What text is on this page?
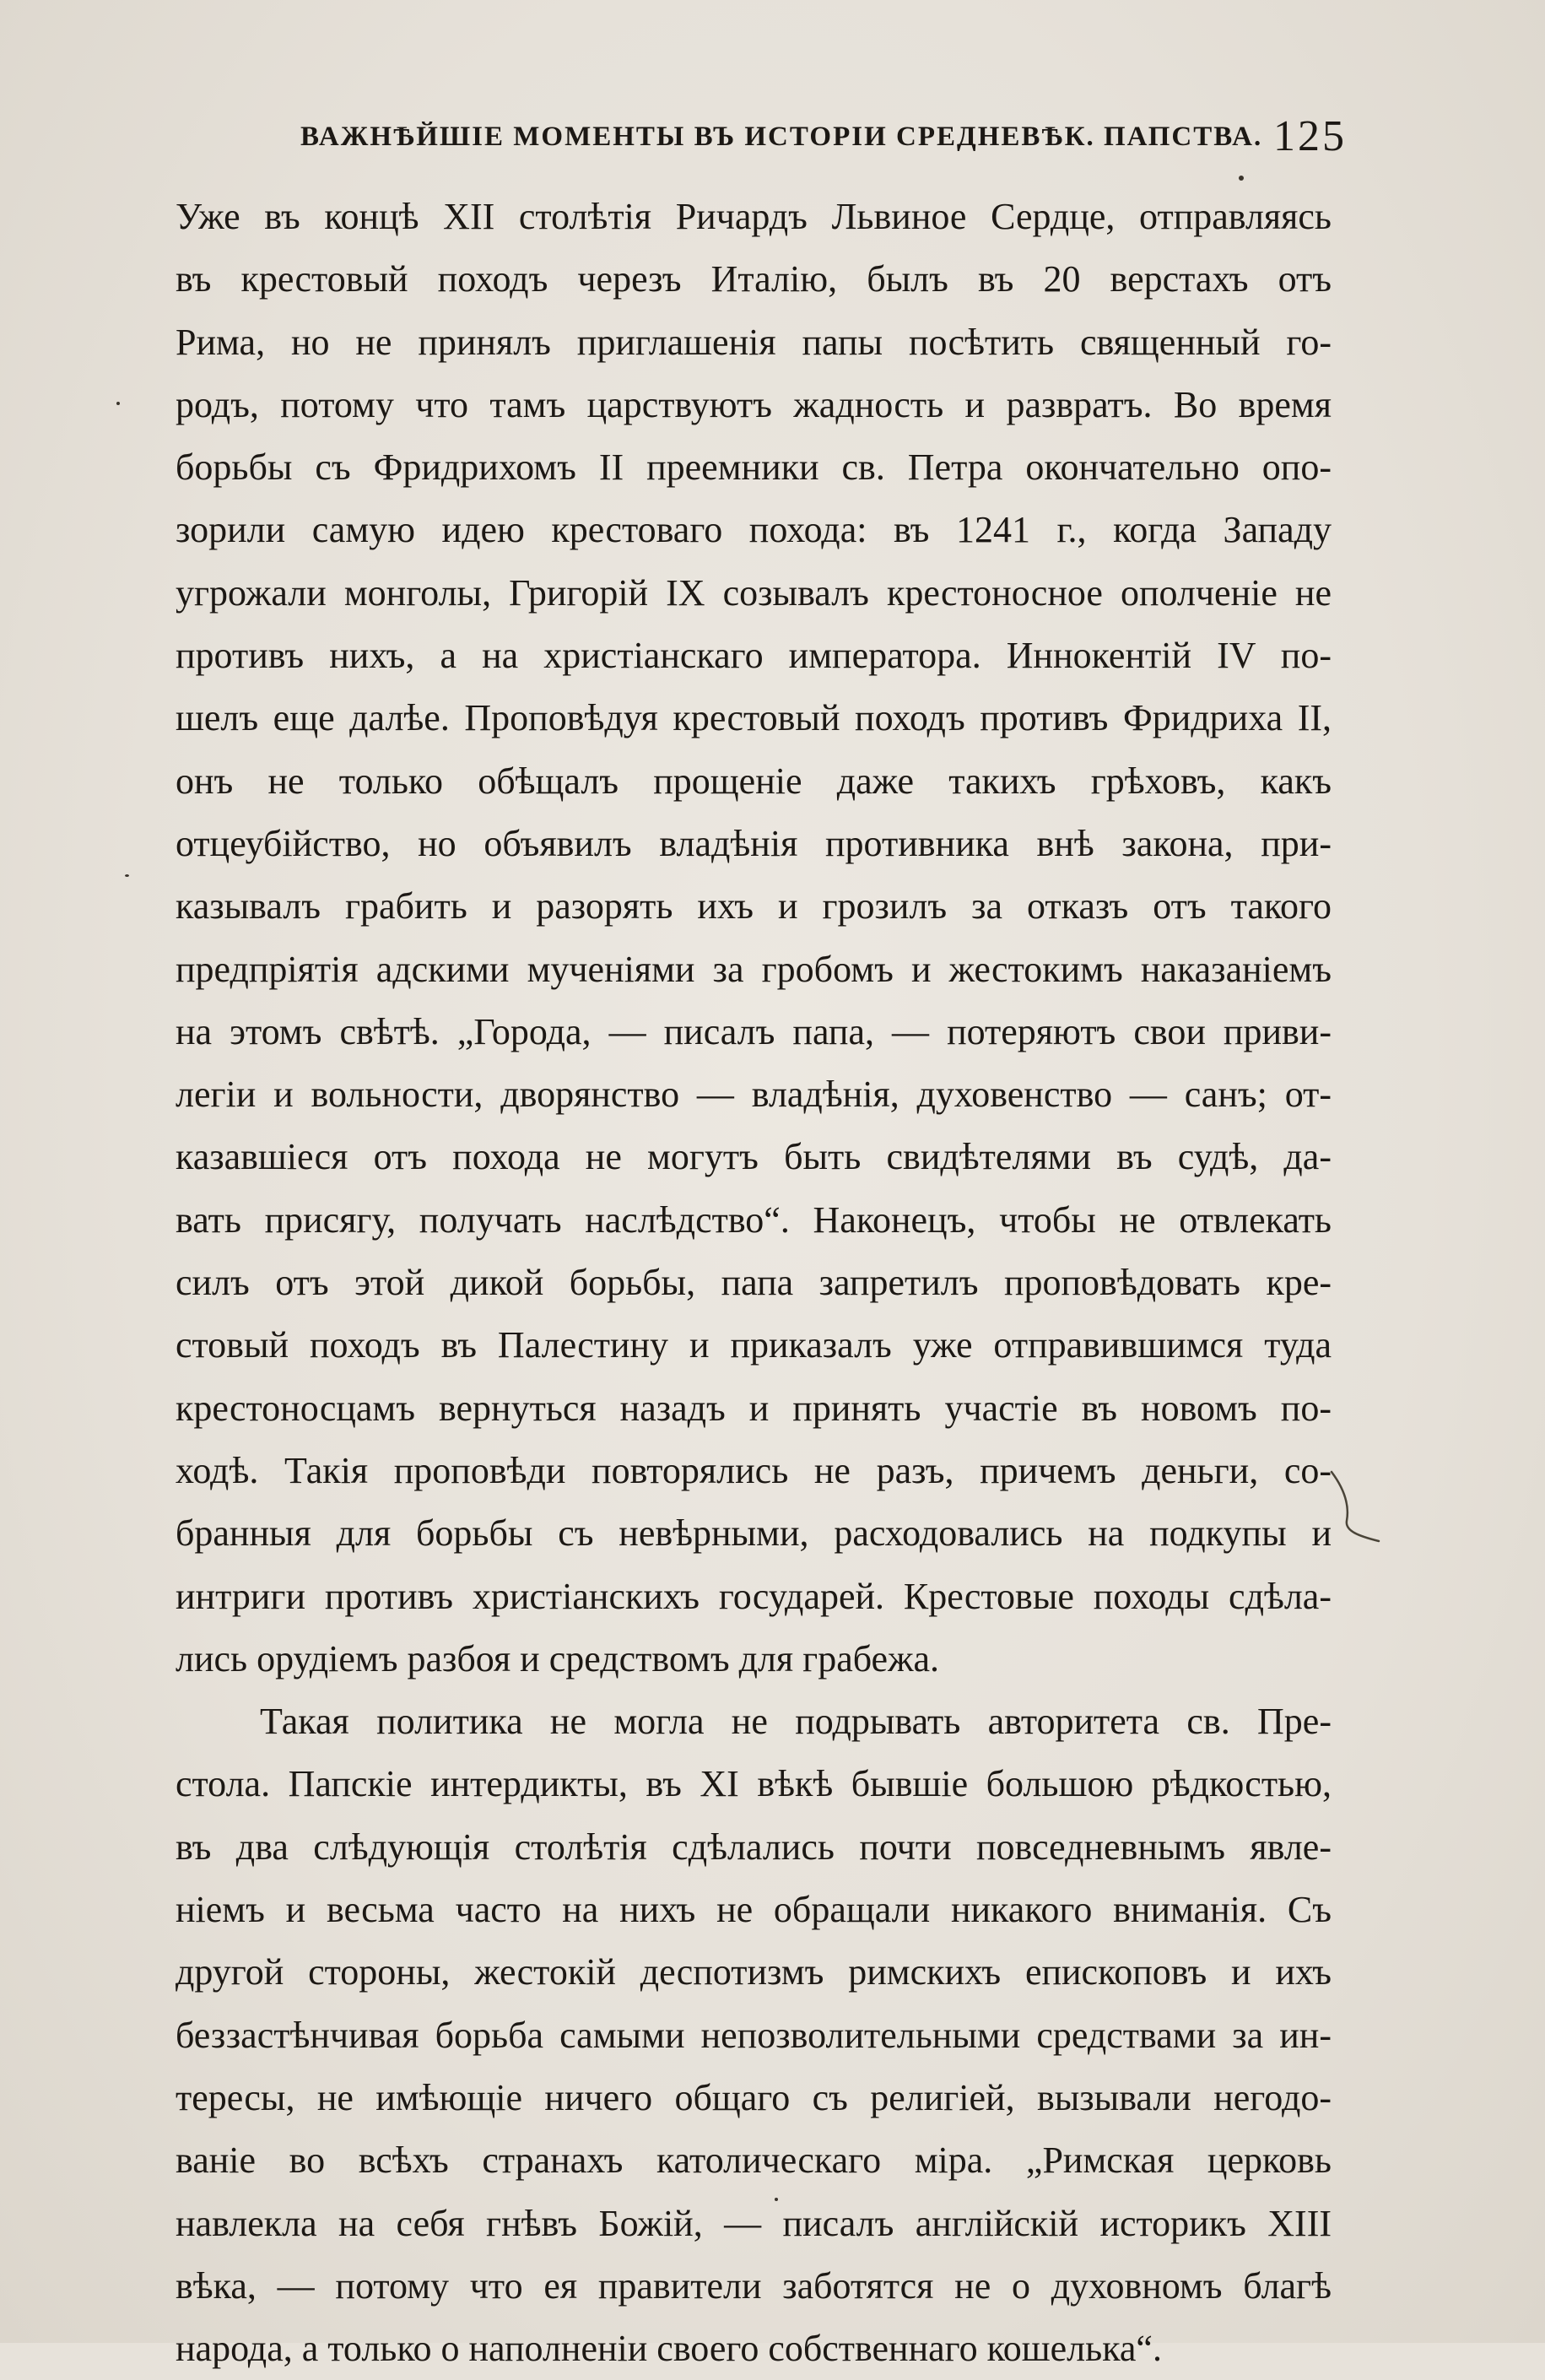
ВАЖНѢЙШІЕ МОМЕНТЫ ВЪ ИСТОРІИ СРЕДНЕВѢК. ПАПСТВА. 125
Уже въ концѣ XII столѣтія Ричардъ Львиное Сердце, отправляясь
въ крестовый походъ черезъ Италію, былъ въ 20 верстахъ отъ
Рима, но не принялъ приглашенія папы посѣтить священный го-
родъ, потому что тамъ царствуютъ жадность и развратъ. Во время
борьбы съ Фридрихомъ II преемники св. Петра окончательно опо-
зорили самую идею крестоваго похода: въ 1241 г., когда Западу
угрожали монголы, Григорій IX созывалъ крестоносное ополченіе не
противъ нихъ, а на христіанскаго императора. Иннокентій IV по-
шелъ еще далѣе. Проповѣдуя крестовый походъ противъ Фридриха II,
онъ не только обѣщалъ прощеніе даже такихъ грѣховъ, какъ
отцеубійство, но объявилъ владѣнія противника внѣ закона, при-
казывалъ грабить и разорять ихъ и грозилъ за отказъ отъ такого
предпріятія адскими мученіями за гробомъ и жестокимъ наказаніемъ
на этомъ свѣтѣ. „Города, — писалъ папа, — потеряютъ свои приви-
легіи и вольности, дворянство — владѣнія, духовенство — санъ; от-
казавшіеся отъ похода не могутъ быть свидѣтелями въ судѣ, да-
вать присягу, получать наслѣдство“. Наконецъ, чтобы не отвлекать
силъ отъ этой дикой борьбы, папа запретилъ проповѣдовать кре-
стовый походъ въ Палестину и приказалъ уже отправившимся туда
крестоносцамъ вернуться назадъ и принять участіе въ новомъ по-
ходѣ. Такія проповѣди повторялись не разъ, причемъ деньги, со-
бранныя для борьбы съ невѣрными, расходовались на подкупы и
интриги противъ христіанскихъ государей. Крестовые походы сдѣла-
лись орудіемъ разбоя и средствомъ для грабежа.
Такая политика не могла не подрывать авторитета св. Пре-
стола. Папскіе интердикты, въ XI вѣкѣ бывшіе большою рѣдкостью,
въ два слѣдующія столѣтія сдѣлались почти повседневнымъ явле-
ніемъ и весьма часто на нихъ не обращали никакого вниманія. Съ
другой стороны, жестокій деспотизмъ римскихъ епископовъ и ихъ
беззастѣнчивая борьба самыми непозволительными средствами за ин-
тересы, не имѣющіе ничего общаго съ религіей, вызывали негодо-
ваніе во всѣхъ странахъ католическаго міра. „Римская церковь
навлекла на себя гнѣвъ Божій, — писалъ англійскій историкъ XIII
вѣка, — потому что ея правители заботятся не о духовномъ благѣ
народа, а только о наполненіи своего собственнаго кошелька“.
